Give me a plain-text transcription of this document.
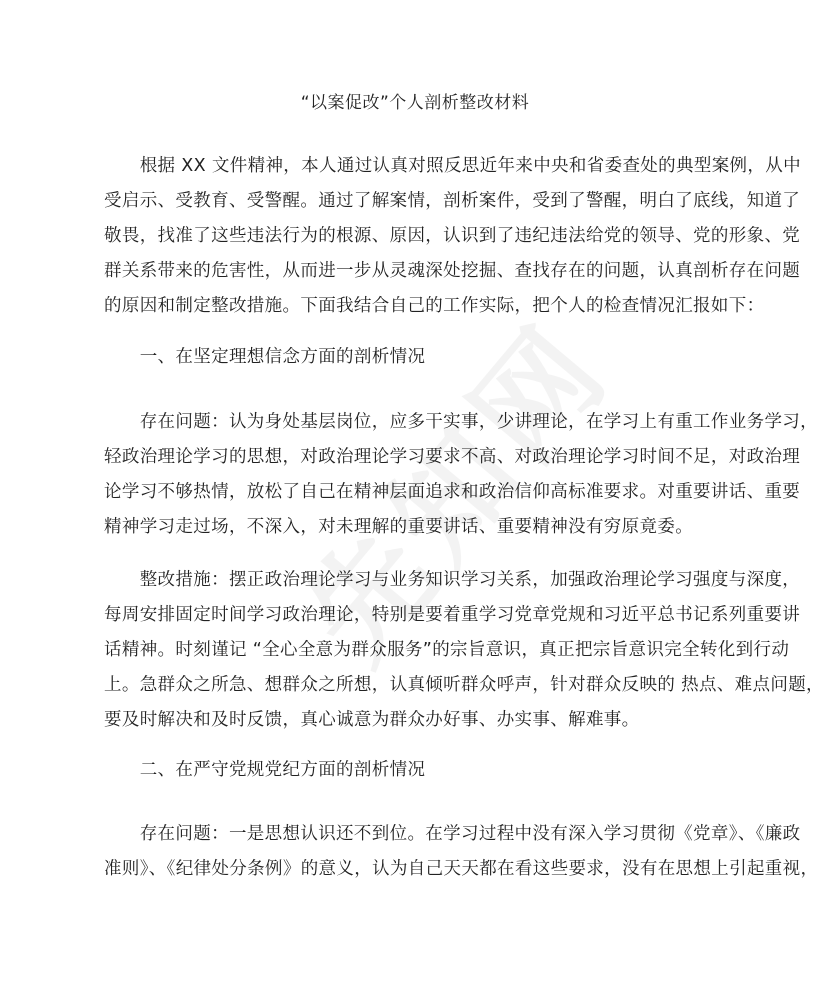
“以案促改”个人剖析整改材料
　　根据 XX 文件精神，本人通过认真对照反思近年来中央和省委查处的典型案例，从中
受启示、受教育、受警醒。通过了解案情，剖析案件，受到了警醒，明白了底线，知道了
敬畏，找准了这些违法行为的根源、原因，认识到了违纪违法给党的领导、党的形象、党
群关系带来的危害性，从而进一步从灵魂深处挖掘、查找存在的问题，认真剖析存在问题
的原因和制定整改措施。下面我结合自己的工作实际，把个人的检查情况汇报如下：
　　一、在坚定理想信念方面的剖析情况
　　存在问题：认为身处基层岗位，应多干实事，少讲理论，在学习上有重工作业务学习，
轻政治理论学习的思想，对政治理论学习要求不高、对政治理论学习时间不足，对政治理
论学习不够热情，放松了自己在精神层面追求和政治信仰高标准要求。对重要讲话、重要
精神学习走过场，不深入，对未理解的重要讲话、重要精神没有穷原竟委。
　　整改措施：摆正政治理论学习与业务知识学习关系，加强政治理论学习强度与深度，
每周安排固定时间学习政治理论，特别是要着重学习党章党规和习近平总书记系列重要讲
话精神。时刻谨记 “全心全意为群众服务”的宗旨意识，真正把宗旨意识完全转化到行动
上。急群众之所急、想群众之所想，认真倾听群众呼声，针对群众反映的 热点、难点问题，
要及时解决和及时反馈，真心诚意为群众办好事、办实事、解难事。
　　二、在严守党规党纪方面的剖析情况
　　存在问题：一是思想认识还不到位。在学习过程中没有深入学习贯彻《党章》、《廉政
准则》、《纪律处分条例》的意义，认为自己天天都在看这些要求，没有在思想上引起重视，
